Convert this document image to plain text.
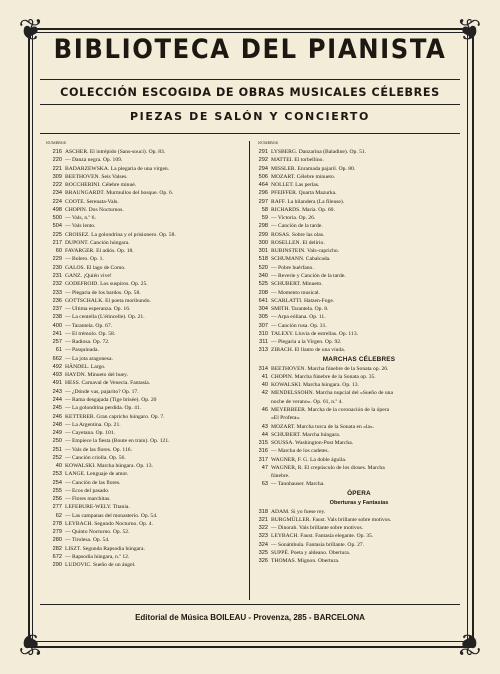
❦	❦
❦	❦
BIBLIOTECA DEL PIANISTA
COLECCIÓN ESCOGIDA DE OBRAS MUSICALES CÉLEBRES
PIEZAS DE SALÓN Y CONCIERTO
NUMEROS	NUMEROS
216 ASCHER. El intrépido (Sans-souci). Op. 83.
220 — Danza negra. Op. 109.
221 BADARZEWSKA. La plegaria de una virgen.
309 BEETHOVEN. Seis Valses.
222 BOCCHERINI. Célebre minué.
234 BRAUNGARDT. Murmullos del bosque. Op. 6.
224 COOTE. Serenata-Vals.
498 CHOPIN. Dos Nocturnos.
500 — Vals, n.º 6.
504 — Vals lento.
225 CROISEZ. La golondrina y el prisionero. Op. 58.
217 DUPONT. Canción húngara.
60 FAVARGER. El adiós. Op. 18.
229 — Bolero. Op. 1.
230 GALOS. El lago de Como.
231 GANZ. ¡Quién vive!
232 GODEFROID. Los suspiros. Op. 25.
233 — Plegaria de los bardos. Op. 58.
236 GOTTSCHALK. El poeta moribundo.
237 — Ultima esperanza. Op. 16.
238 — La centella (L'étincelle). Op. 21.
400 — Tarantela. Op. 67.
241 — El trémolo. Op. 58.
257 — Radiosa. Op. 72.
61 — Pasquinada.
662 — La jota aragonesa.
492 HÄNDEL. Largo.
493 HAYDN. Minueto del buey.
491 HESS. Carnaval de Venecia. Fantasía.
243 — ¿Dónde vas, pajarito? Op. 17.
244 — Rama desgajada (Tige brisée). Op. 20
245 — La golondrina perdida. Op. 41.
246 KETTERER. Gran capricho húngaro. Op. 7.
248 — La Argentina. Op. 21.
249 — Cayetana. Op. 101.
250 — Empiece la fiesta (Boute en train). Op. 121.
251 — Vals de las flores. Op. 116.
252 — Canción criolla. Op. 56.
40 KOWALSKI. Marcha húngara. Op. 13.
253 LANGE. Lenguaje de amor.
254 — Canción de las flores.
255 — Ecos del pasado.
256 — Flores marchitas.
277 LEFEBURE-WELY. Titania.
62 — Las campanas del monasterio. Op. 54.
278 LEYBACH. Segundo Nocturno. Op. 4.
279 — Quinto Nocturno. Op. 52.
280 — Tirolesa. Op. 54.
282 LISZT. Segunda Rapsodia húngara.
672 — Rapsodia húngara, n.º 12.
290 LUDOVIC. Sueño de un ángel.
291 LYSBERG. Danzarina (Baladine). Op. 51.
292 MATTEI. El torbellino.
294 MISSLER. Enramada pajaril. Op. 80.
506 MOZART. Célebre minueto.
464 NOLLET. Las perlas.
296 PFEIFFER. Quarta Mazurka.
297 RAFF. La hilandera (La fileuse).
58 RICHARDS. María. Op. 60.
59 — Victoria. Op. 26.
298 — Canción de la tarde.
299 ROSAS. Sobre las olas.
300 ROSELLEN. El delirio.
301 RUBINSTEIN. Vals-capricho.
518 SCHUMANN. Cabalcada.
520 — Pobre huérfano.
340 — Reverie y Canción de la tarde.
525 SCHUBERT. Minueto.
208 — Momento musical.
641 SCARLATTI. Hatzen-Fuge.
304 SMITH. Tarantela. Op. 8.
305 — Arpa eóliana. Op. 11.
307 — Canción rusa. Op. 31.
310 TALEXY. Lluvia de estrellas. Op. 113.
311 — Plegaria a la Virgen. Op. 92.
313 ZIBACH. El llanto de una viuda.
MARCHAS CÉLEBRES
314 BEETHOVEN. Marcha fúnebre de la Sonata op. 26.
41 CHOPIN. Marcha fúnebre de la Sonata op. 35.
40 KOWALSKI. Marcha húngara. Op. 13.
42 MENDELSSOHN. Marcha nupcial del «Sueño de una
noche de verano». Op. 61, n.º 4.
46 MEYERBEER. Marcha de la coronación de la ópera
«El Profeta».
43 MOZART. Marcha turca de la Sonata en «la».
44 SCHUBERT. Marcha húngara.
315 SOUSSA. Washington-Post Marcha.
316 — Marcha de los cadetes.
317 WAGNER, F. G. La doble águila.
47 WAGNER, R. El crepúsculo de los dioses. Marcha
fúnebre.
63 — Tannhauser. Marcha.
ÓPERA
Oberturas y Fantasías
318 ADAM. Si yo fuese rey.
321 BURGMÜLLER. Faust. Vals brillante sobre motivos.
322 — Dinorah. Vals brillante sobre motivos.
323 LEYBACH. Faust. Fantasía elegante. Op. 35.
324 — Sonámbula. Fantasía brillante. Op. 27.
325 SUPPÉ. Poeta y aldeano. Obertura.
326 THOMAS. Mignon. Obertura.
Editorial de Música BOILEAU - Provenza, 285 - BARCELONA
